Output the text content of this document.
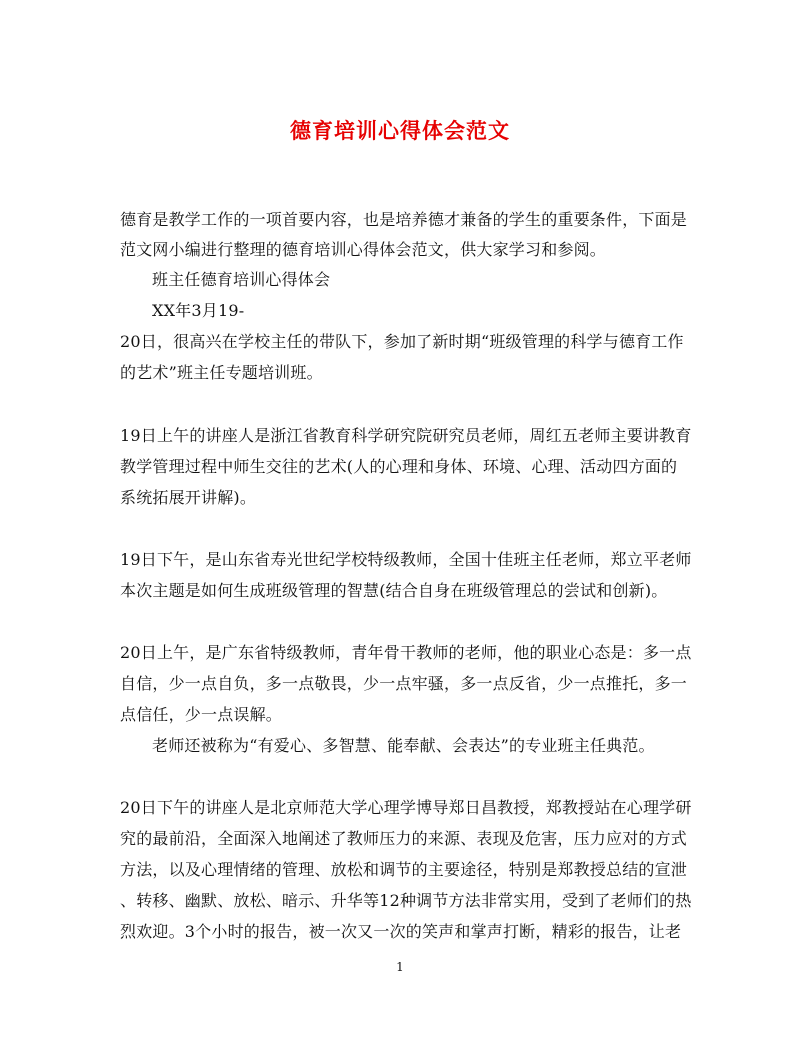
德育培训心得体会范文
德育是教学工作的一项首要内容，也是培养德才兼备的学生的重要条件，下面是
范文网小编进行整理的德育培训心得体会范文，供大家学习和参阅。
班主任德育培训心得体会
XX年3月19-
20日，很高兴在学校主任的带队下，参加了新时期“班级管理的科学与德育工作
的艺术”班主任专题培训班。
19日上午的讲座人是浙江省教育科学研究院研究员老师，周红五老师主要讲教育
教学管理过程中师生交往的艺术(人的心理和身体、环境、心理、活动四方面的
系统拓展开讲解)。
19日下午，是山东省寿光世纪学校特级教师，全国十佳班主任老师，郑立平老师
本次主题是如何生成班级管理的智慧(结合自身在班级管理总的尝试和创新)。
20日上午，是广东省特级教师，青年骨干教师的老师，他的职业心态是：多一点
自信，少一点自负，多一点敬畏，少一点牢骚，多一点反省，少一点推托，多一
点信任，少一点误解。
老师还被称为“有爱心、多智慧、能奉献、会表达”的专业班主任典范。
20日下午的讲座人是北京师范大学心理学博导郑日昌教授，郑教授站在心理学研
究的最前沿，全面深入地阐述了教师压力的来源、表现及危害，压力应对的方式
方法，以及心理情绪的管理、放松和调节的主要途径，特别是郑教授总结的宣泄
、转移、幽默、放松、暗示、升华等12种调节方法非常实用，受到了老师们的热
烈欢迎。3个小时的报告，被一次又一次的笑声和掌声打断，精彩的报告，让老
1
